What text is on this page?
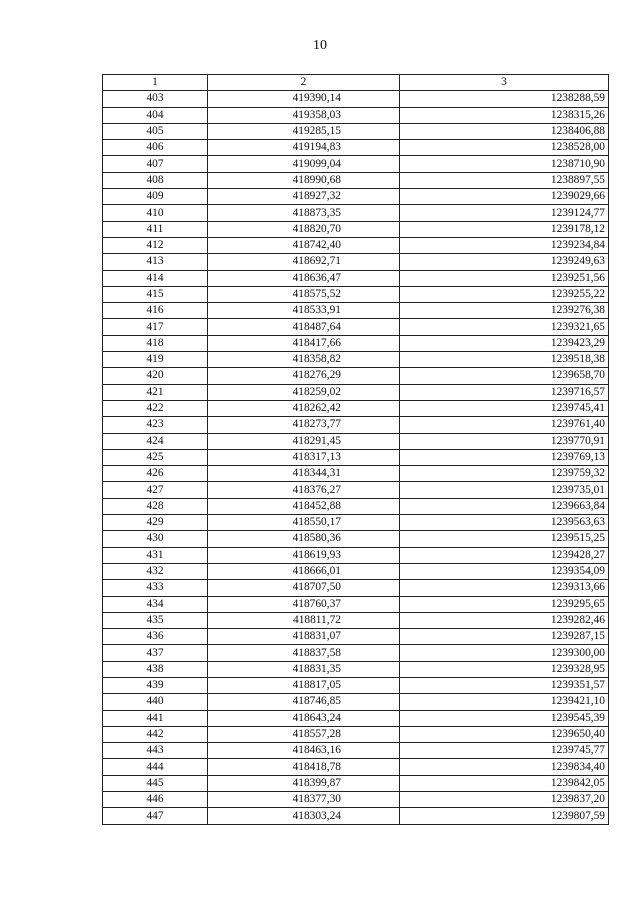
10
1	2	3
403	419390,14	1238288,59
404	419358,03	1238315,26
405	419285,15	1238406,88
406	419194,83	1238528,00
407	419099,04	1238710,90
408	418990,68	1238897,55
409	418927,32	1239029,66
410	418873,35	1239124,77
411	418820,70	1239178,12
412	418742,40	1239234,84
413	418692,71	1239249,63
414	418636,47	1239251,56
415	418575,52	1239255,22
416	418533,91	1239276,38
417	418487,64	1239321,65
418	418417,66	1239423,29
419	418358,82	1239518,38
420	418276,29	1239658,70
421	418259,02	1239716,57
422	418262,42	1239745,41
423	418273,77	1239761,40
424	418291,45	1239770,91
425	418317,13	1239769,13
426	418344,31	1239759,32
427	418376,27	1239735,01
428	418452,88	1239663,84
429	418550,17	1239563,63
430	418580,36	1239515,25
431	418619,93	1239428,27
432	418666,01	1239354,09
433	418707,50	1239313,66
434	418760,37	1239295,65
435	418811,72	1239282,46
436	418831,07	1239287,15
437	418837,58	1239300,00
438	418831,35	1239328,95
439	418817,05	1239351,57
440	418746,85	1239421,10
441	418643,24	1239545,39
442	418557,28	1239650,40
443	418463,16	1239745,77
444	418418,78	1239834,40
445	418399,87	1239842,05
446	418377,30	1239837,20
447	418303,24	1239807,59
